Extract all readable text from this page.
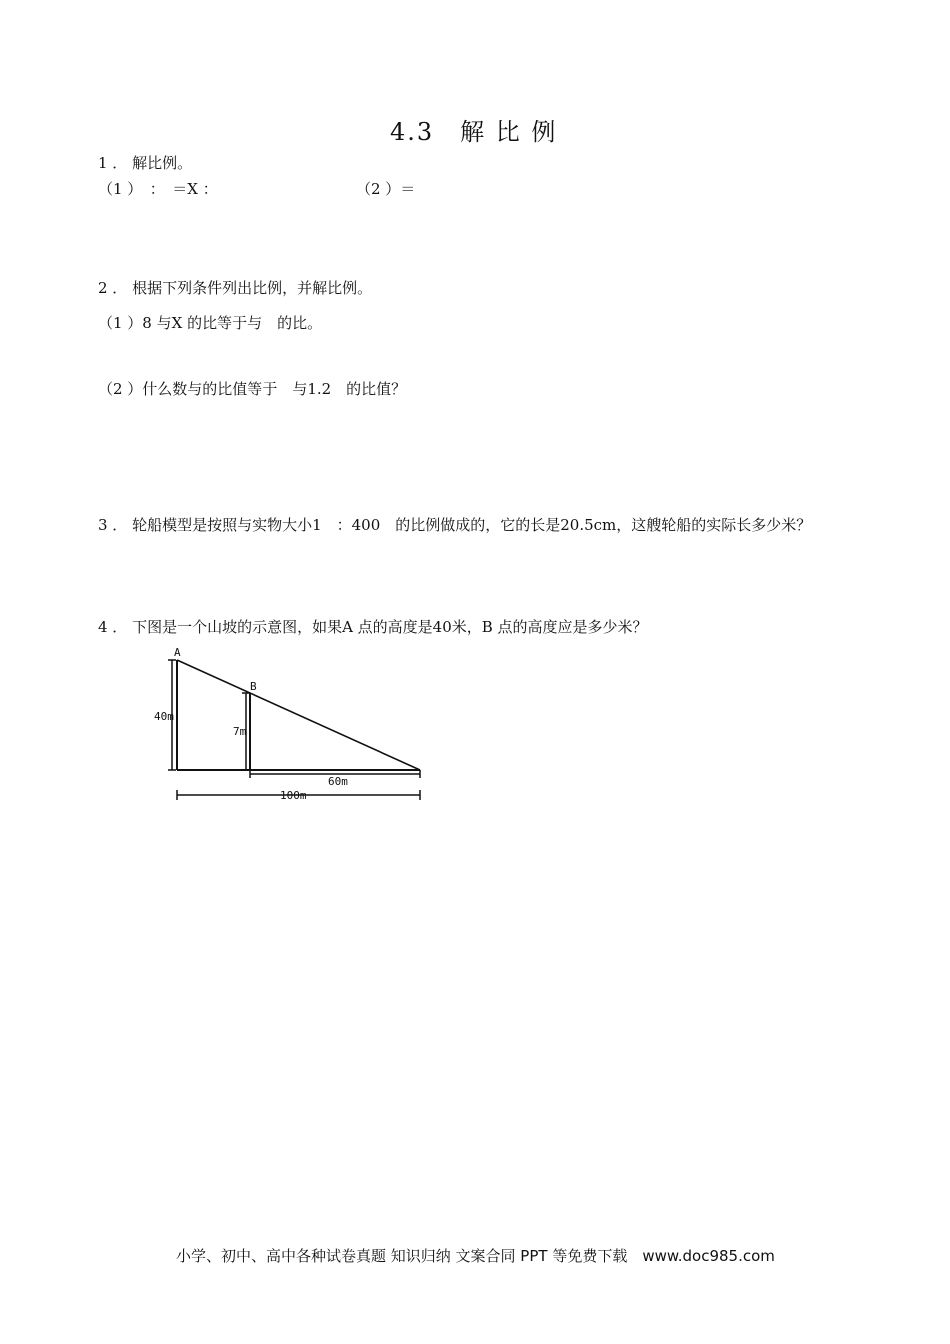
4.3　解 比 例
1 ． 解比例。
（1 ）　：　＝X ：	（2 ）＝
2 ． 根据下列条件列出比例，并解比例。
（1 ）8 与X 的比等于与　的比。
（2 ）什么数与的比值等于　与1.2　的比值？
3 ． 轮船模型是按照与实物大小1　：400　的比例做成的，它的长是20.5cm，这艘轮船的实际长多少米？
4 ． 下图是一个山坡的示意图，如果A 点的高度是40米，B 点的高度应是多少米？
A
B
40m
7m
60m
100m
小学、初中、高中各种试卷真题 知识归纳 文案合同 PPT 等免费下载　www.doc985.com
